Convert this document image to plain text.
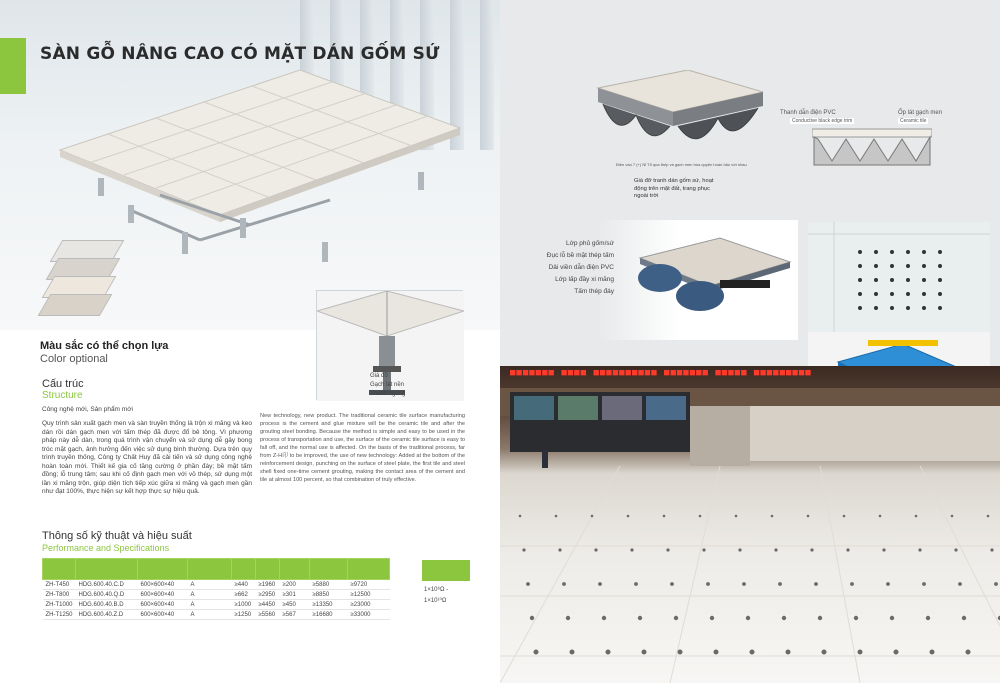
SÀN GỖ NÂNG CAO CÓ MẶT DÁN GỐM SỨ
Màu sắc có thể chọn lựa
Color optional
Giá đỡ
Gạch lát nền
Thanh ngang
Cấu trúc
Structure
Công nghệ mới, Sản phẩm mới
Quy trình sản xuất gạch men và sàn truyền thống là trộn xi măng và keo dán rồi dán gạch men với tấm thép đã được đổ bê tông. Vì phương pháp này dễ dàn, trong quá trình vận chuyển và sử dụng dễ gây bong tróc mặt gạch, ảnh hưởng đến việc sử dụng bình thường. Dựa trên quy trình truyền thống, Công ty Chất Huy đã cải tiến và sử dụng công nghệ hoàn toàn mới. Thiết kế gia cố tăng cường ở phần đáy; bề mặt tấm đồng; lỗ trung tâm; sau khi cố định gạch men với vỏ thép, sử dụng một lần xi măng trộn, giúp diện tích tiếp xúc giữa xi măng và gạch men gần như đạt 100%, thực hiện sự kết hợp thực sự hiệu quả.
New technology, new product. The traditional ceramic tile surface manufacturing process is the cement and glue mixture will be the ceramic tile and after the grouting steel bonding. Because the method is simple and easy to be used in the process of transportation and use, the surface of the ceramic tile surface is easy to fall off, and the normal use is affected. On the basis of the traditional process, far from Z-H印 to be improved, the use of new technology: Added at the bottom of the reinforcement design, punching on the surface of steel plate, the first tile and steel shell fixed one-time cement grouting, making the contact area of the cement and tile at almost 100 percent, so that combination of truly effective.
Thông số kỹ thuật và hiệu suất
Performance and Specifications

ZH-T450	HDG.600.40.C.D	600×600×40	A	≥440	≥1960	≥200	≥5880	≥9720
ZH-T800	HDG.600.40.Q.D	600×600×40	A	≥662	≥2950	≥301	≥8850	≥12500
ZH-T1000	HDG.600.40.B.D	600×600×40	A	≥1000	≥4450	≥450	≥13350	≥23000
ZH-T1250	HDG.600.40.Z.D	600×600×40	A	≥1250	≥5560	≥567	≥16680	≥33000
1×10⁶Ω -
1×10¹⁰Ω
Thanh dẫn điện PVC
Conductive black edge trim
Ốp lát gạch men
Ceramic tile
Điền vào 7 (+) Nỉ Tổ qua thép và gạch men hòa quyện hoàn hảo với nhau
Giá đỡ tranh dán gốm sứ, hoạt động trên mặt đất, trang phục ngoài trời
Lớp phủ gốm/sứ
Đục lỗ bề mặt thép tấm
Dải viền dẫn điện PVC
Lớp lấp đầy xi măng
Tấm thép đáy
■■■■■■■ ■■■■ ■■■■■■■■■■ ■■■■■■■ ■■■■■ ■■■■■■■■■
